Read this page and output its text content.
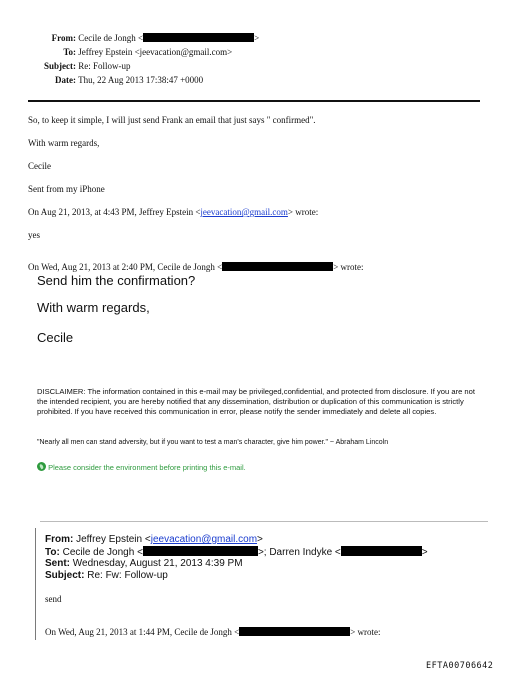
From: Cecile de Jongh <	>
To: Jeffrey Epstein <jeevacation@gmail.com>
Subject: Re: Follow-up
Date: Thu, 22 Aug 2013 17:38:47 +0000
So, to keep it simple, I will just send Frank an email that just says " confirmed".
With warm regards,
Cecile
Sent from my iPhone
On Aug 21, 2013, at 4:43 PM, Jeffrey Epstein <jeevacation@gmail.com> wrote:
yes
On Wed, Aug 21, 2013 at 2:40 PM, Cecile de Jongh <	> wrote:
Send him the confirmation?
With warm regards,
Cecile
DISCLAIMER: The information contained in this e-mail may be privileged,confidential, and protected from disclosure. If you are not the intended recipient, you are hereby notified that any dissemination, distribution or duplication of this communication is strictly prohibited. If you have received this communication in error, please notify the sender immediately and delete all copies.
"Nearly all men can stand adversity, but if you want to test a man's character, give him power." ~ Abraham Lincoln
Please consider the environment before printing this e-mail.
From: Jeffrey Epstein <jeevacation@gmail.com>
To: Cecile de Jongh <	>; Darren Indyke <	>
Sent: Wednesday, August 21, 2013 4:39 PM
Subject: Re: Fw: Follow-up
send
On Wed, Aug 21, 2013 at 1:44 PM, Cecile de Jongh <	> wrote:
EFTA00706642
